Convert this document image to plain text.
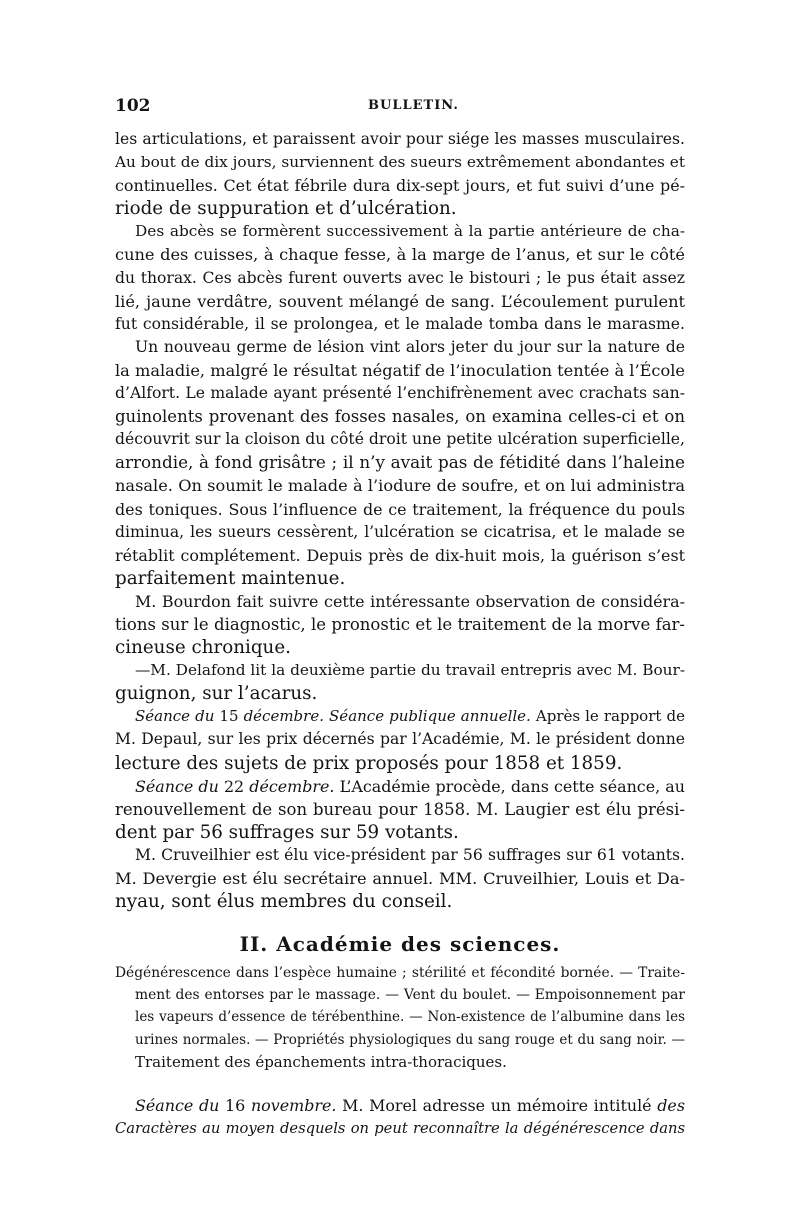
102	BULLETIN.
les articulations, et paraissent avoir pour siége les masses musculaires.
Au bout de dix jours, surviennent des sueurs extrêmement abondantes et
continuelles. Cet état fébrile dura dix-sept jours, et fut suivi d’une pé-
riode de suppuration et d’ulcération.
Des abcès se formèrent successivement à la partie antérieure de cha-
cune des cuisses, à chaque fesse, à la marge de l’anus, et sur le côté
du thorax. Ces abcès furent ouverts avec le bistouri ; le pus était assez
lié, jaune verdâtre, souvent mélangé de sang. L’écoulement purulent
fut considérable, il se prolongea, et le malade tomba dans le marasme.
Un nouveau germe de lésion vint alors jeter du jour sur la nature de
la maladie, malgré le résultat négatif de l’inoculation tentée à l’École
d’Alfort. Le malade ayant présenté l’enchifrènement avec crachats san-
guinolents provenant des fosses nasales, on examina celles-ci et on
découvrit sur la cloison du côté droit une petite ulcération superficielle,
arrondie, à fond grisâtre ; il n’y avait pas de fétidité dans l’haleine
nasale. On soumit le malade à l’iodure de soufre, et on lui administra
des toniques. Sous l’influence de ce traitement, la fréquence du pouls
diminua, les sueurs cessèrent, l’ulcération se cicatrisa, et le malade se
rétablit complétement. Depuis près de dix-huit mois, la guérison s’est
parfaitement maintenue.
M. Bourdon fait suivre cette intéressante observation de considéra-
tions sur le diagnostic, le pronostic et le traitement de la morve far-
cineuse chronique.
—M. Delafond lit la deuxième partie du travail entrepris avec M. Bour-
guignon, sur l’acarus.
Séance du 15 décembre. Séance publique annuelle. Après le rapport de
M. Depaul, sur les prix décernés par l’Académie, M. le président donne
lecture des sujets de prix proposés pour 1858 et 1859.
Séance du 22 décembre. L’Académie procède, dans cette séance, au
renouvellement de son bureau pour 1858. M. Laugier est élu prési-
dent par 56 suffrages sur 59 votants.
M. Cruveilhier est élu vice-président par 56 suffrages sur 61 votants.
M. Devergie est élu secrétaire annuel. MM. Cruveilhier, Louis et Da-
nyau, sont élus membres du conseil.
II. Académie des sciences.
Dégénérescence dans l’espèce humaine ; stérilité et fécondité bornée. — Traite-
ment des entorses par le massage. — Vent du boulet. — Empoisonnement par
les vapeurs d’essence de térébenthine. — Non-existence de l’albumine dans les
urines normales. — Propriétés physiologiques du sang rouge et du sang noir. —
Traitement des épanchements intra-thoraciques.
Séance du 16 novembre. M. Morel adresse un mémoire intitulé des
Caractères au moyen desquels on peut reconnaître la dégénérescence dans
